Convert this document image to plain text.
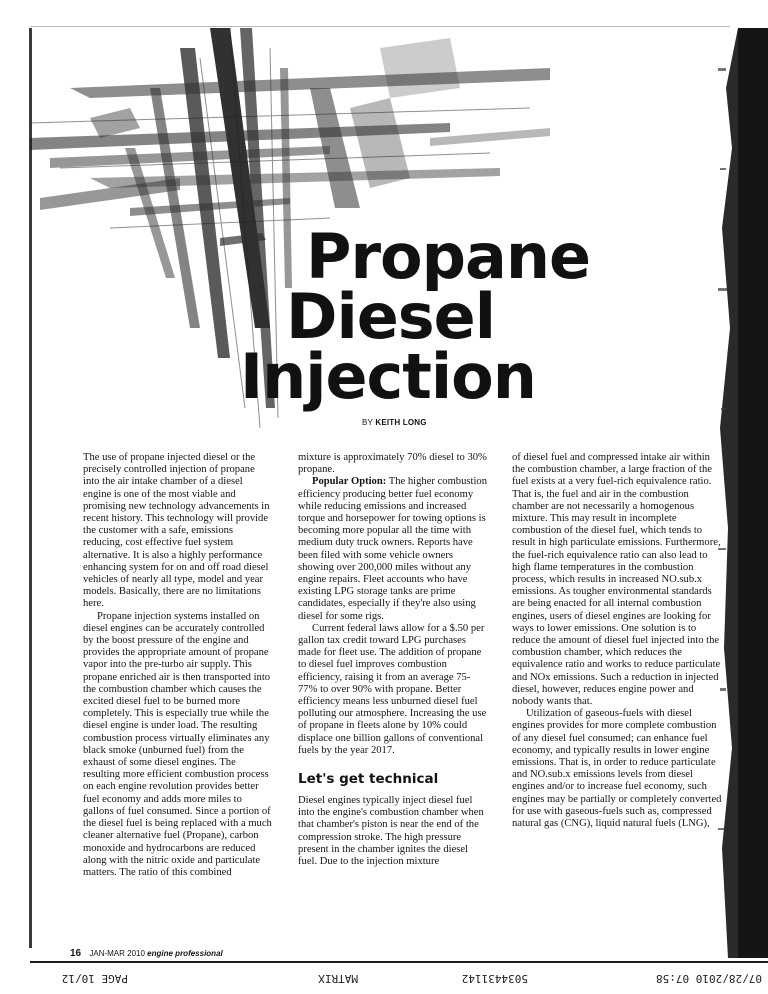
Propane
Diesel
Injection
BY KEITH LONG

The use of propane injected diesel or the precisely controlled injection of propane into the air intake chamber of a diesel engine is one of the most viable and promising new technology advancements in recent history. This technology will provide the customer with a safe, emissions reducing, cost effective fuel system alternative. It is also a highly performance enhancing system for on and off road diesel vehicles of nearly all type, model and year models. Basically, there are no limitations here.

Propane injection systems installed on diesel engines can be accurately controlled by the boost pressure of the engine and provides the appropriate amount of propane vapor into the pre-turbo air supply. This propane enriched air is then transported into the combustion chamber which causes the excited diesel fuel to be burned more completely. This is especially true while the diesel engine is under load. The resulting combustion process virtually eliminates any black smoke (unburned fuel) from the exhaust of some diesel engines. The resulting more efficient combustion process on each engine revolution provides better fuel economy and adds more miles to gallons of fuel consumed. Since a portion of the diesel fuel is being replaced with a much cleaner alternative fuel (Propane), carbon monoxide and hydrocarbons are reduced along with the nitric oxide and particulate matters. The ratio of this combined

mixture is approximately 70% diesel to 30% propane.

Popular Option: The higher combustion efficiency producing better fuel economy while reducing emissions and increased torque and horsepower for towing options is becoming more popular all the time with medium duty truck owners. Reports have been filed with some vehicle owners showing over 200,000 miles without any engine repairs. Fleet accounts who have existing LPG storage tanks are prime candidates, especially if they're also using diesel for some rigs.

Current federal laws allow for a $.50 per gallon tax credit toward LPG purchases made for fleet use. The addition of propane to diesel fuel improves combustion efficiency, raising it from an average 75-77% to over 90% with propane. Better efficiency means less unburned diesel fuel polluting our atmosphere. Increasing the use of propane in fleets alone by 10% could displace one billion gallons of conventional fuels by the year 2017.

Let's get technical

Diesel engines typically inject diesel fuel into the engine's combustion chamber when that chamber's piston is near the end of the compression stroke. The high pressure present in the chamber ignites the diesel fuel. Due to the injection mixture

of diesel fuel and compressed intake air within the combustion chamber, a large fraction of the fuel exists at a very fuel-rich equivalence ratio. That is, the fuel and air in the combustion chamber are not necessarily a homogenous mixture. This may result in incomplete combustion of the diesel fuel, which tends to result in high particulate emissions. Furthermore, the fuel-rich equivalence ratio can also lead to high flame temperatures in the combustion process, which results in increased NO.sub.x emissions. As tougher environmental standards are being enacted for all internal combustion engines, users of diesel engines are looking for ways to lower emissions. One solution is to reduce the amount of diesel fuel injected into the combustion chamber, which reduces the equivalence ratio and works to reduce particulate and NOx emissions. Such a reduction in injected diesel, however, reduces engine power and nobody wants that.

Utilization of gaseous-fuels with diesel engines provides for more complete combustion of any diesel fuel consumed; can enhance fuel economy, and typically results in lower engine emissions. That is, in order to reduce particulate and NO.sub.x emissions levels from diesel engines and/or to increase fuel economy, such engines may be partially or completely converted for use with gaseous-fuels such as, compressed natural gas (CNG), liquid natural fuels (LNG),

16 JAN-MAR 2010 engine professional
07/28/2010 07:58
5034431142
MATRIX
PAGE 10/12
